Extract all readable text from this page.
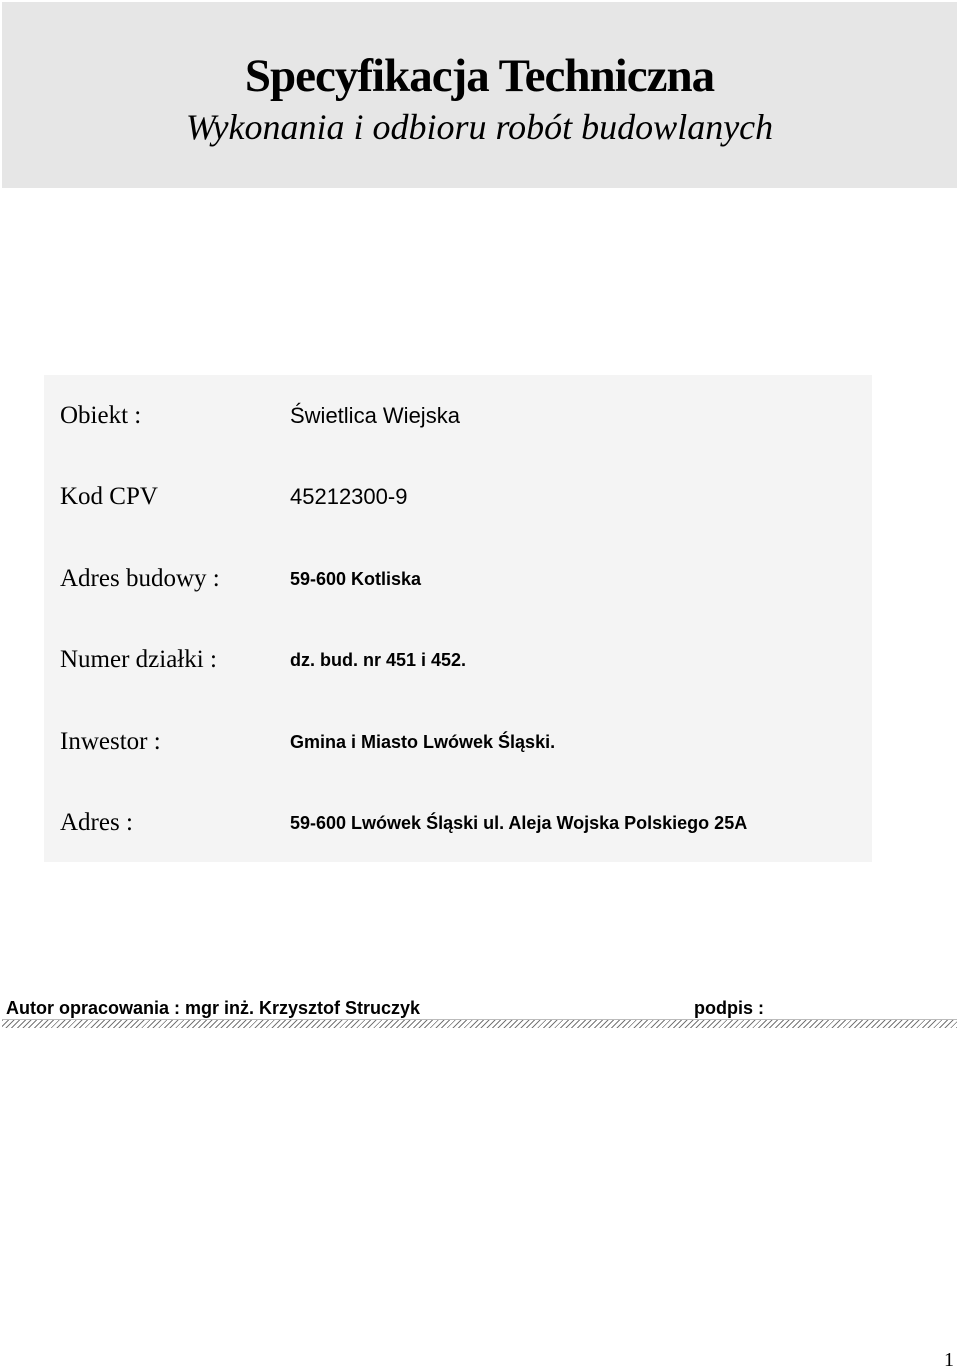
Specyfikacja Techniczna
Wykonania i odbioru robót budowlanych
Obiekt :	Świetlica Wiejska
Kod CPV	45212300-9
Adres budowy :	59-600 Kotliska
Numer działki :	dz. bud. nr 451 i 452.
Inwestor :	Gmina i Miasto Lwówek Śląski.
Adres :	59-600 Lwówek Śląski ul. Aleja Wojska Polskiego 25A
Autor opracowania : mgr inż. Krzysztof Struczyk	podpis :
1
